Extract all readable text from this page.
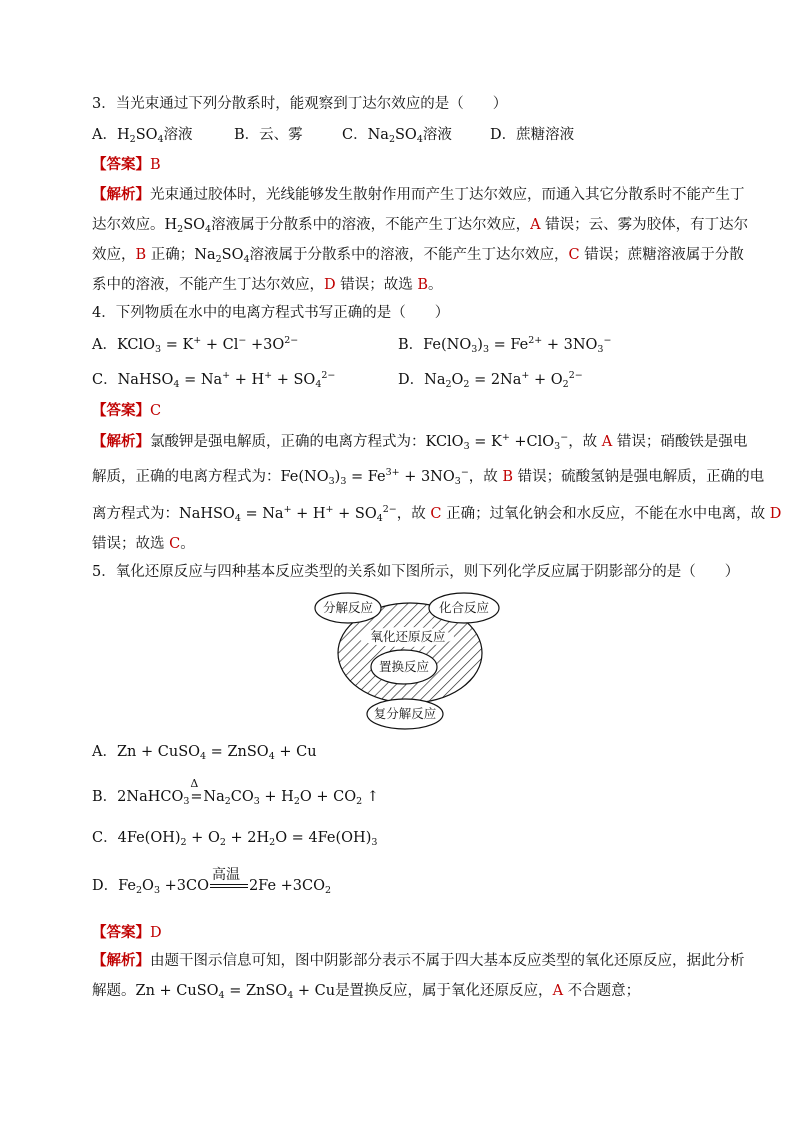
3．当光束通过下列分散系时，能观察到丁达尔效应的是（　　）
A．$H_2SO_4$溶液	B．云、雾	C．$Na_2SO_4$溶液	D．蔗糖溶液
【答案】B
【解析】光束通过胶体时，光线能够发生散射作用而产生丁达尔效应，而通入其它分散系时不能产生丁
达尔效应。$H_2SO_4$溶液属于分散系中的溶液，不能产生丁达尔效应，A 错误；云、雾为胶体，有丁达尔
效应，B 正确；$Na_2SO_4$溶液属于分散系中的溶液，不能产生丁达尔效应，C 错误；蔗糖溶液属于分散
系中的溶液，不能产生丁达尔效应，D 错误；故选 B。
4．下列物质在水中的电离方程式书写正确的是（　　）
A．KClO$_3$ = $K^+ + Cl^- +3O^{2-}$	B．$Fe(NO_3)_3 = Fe^{2+} + 3NO_3^-$
C．NaHSO$_4$ = $Na^+ + H^+ + SO_4^{2-}$	D．$Na_2O_2 = 2Na^+ + O_2^{2-}$
【答案】C
【解析】氯酸钾是强电解质，正确的电离方程式为：KClO$_3$ = K+ +ClO$_3$−，故 A 错误；硝酸铁是强电
解质，正确的电离方程式为：$Fe(NO_3)_3 = Fe^{3+} + 3NO_3^-$，故 B 错误；硫酸氢钠是强电解质，正确的电
离方程式为：NaHSO$_4$ = $Na^+ + H^+ + SO_4^{2-}$，故 C 正确；过氧化钠会和水反应，不能在水中电离，故 D
错误；故选 C。
5．氧化还原反应与四种基本反应类型的关系如下图所示，则下列化学反应属于阴影部分的是（　　）
分解反应	化合反应
氧化还原反应
置换反应
复分解反应
A．Zn + CuSO$_4$ = ZnSO$_4$ + Cu
B．2NaHCO$_3$
Δ
$=Na_2CO_3 + H_2O + CO_2$ ↑
C．$4Fe(OH)_2 + O_2 + 2H_2O = 4Fe(OH)_3$
D．$Fe_2O_3 +3CO$
高温
$2Fe +3CO_2$
【答案】D
【解析】由题干图示信息可知，图中阴影部分表示不属于四大基本反应类型的氧化还原反应，据此分析
解题。Zn + CuSO$_4$ = ZnSO$_4$ + Cu是置换反应，属于氧化还原反应，A 不合题意；
